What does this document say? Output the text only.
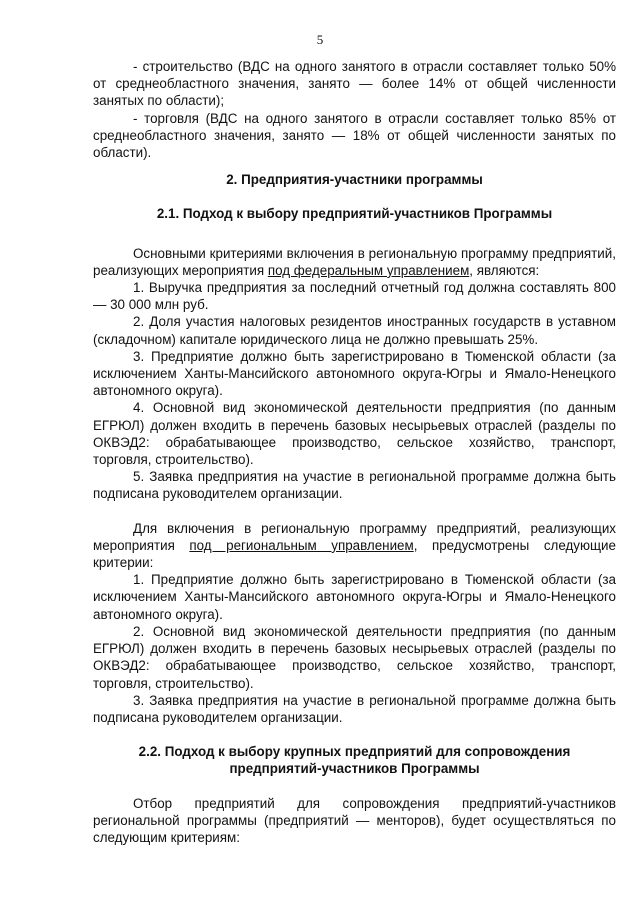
5

- строительство (ВДС на одного занятого в отрасли составляет только 50% от среднеобластного значения, занято — более 14% от общей численности занятых по области);

- торговля (ВДС на одного занятого в отрасли составляет только 85% от среднеобластного значения, занято — 18% от общей численности занятых по области).

2. Предприятия-участники программы

2.1. Подход к выбору предприятий-участников Программы

Основными критериями включения в региональную программу предприятий, реализующих мероприятия под федеральным управлением, являются:

1. Выручка предприятия за последний отчетный год должна составлять 800 — 30 000 млн руб.

2. Доля участия налоговых резидентов иностранных государств в уставном (складочном) капитале юридического лица не должно превышать 25%.

3. Предприятие должно быть зарегистрировано в Тюменской области (за исключением Ханты-Мансийского автономного округа-Югры и Ямало-Ненецкого автономного округа).

4. Основной вид экономической деятельности предприятия (по данным ЕГРЮЛ) должен входить в перечень базовых несырьевых отраслей (разделы по ОКВЭД2: обрабатывающее производство, сельское хозяйство, транспорт, торговля, строительство).

5. Заявка предприятия на участие в региональной программе должна быть подписана руководителем организации.

Для включения в региональную программу предприятий, реализующих мероприятия под региональным управлением, предусмотрены следующие критерии:

1. Предприятие должно быть зарегистрировано в Тюменской области (за исключением Ханты-Мансийского автономного округа-Югры и Ямало-Ненецкого автономного округа).

2. Основной вид экономической деятельности предприятия (по данным ЕГРЮЛ) должен входить в перечень базовых несырьевых отраслей (разделы по ОКВЭД2: обрабатывающее производство, сельское хозяйство, транспорт, торговля, строительство).

3. Заявка предприятия на участие в региональной программе должна быть подписана руководителем организации.

2.2. Подход к выбору крупных предприятий для сопровождения
предприятий-участников Программы

Отбор предприятий для сопровождения предприятий-участников региональной программы (предприятий — менторов), будет осуществляться по следующим критериям:
